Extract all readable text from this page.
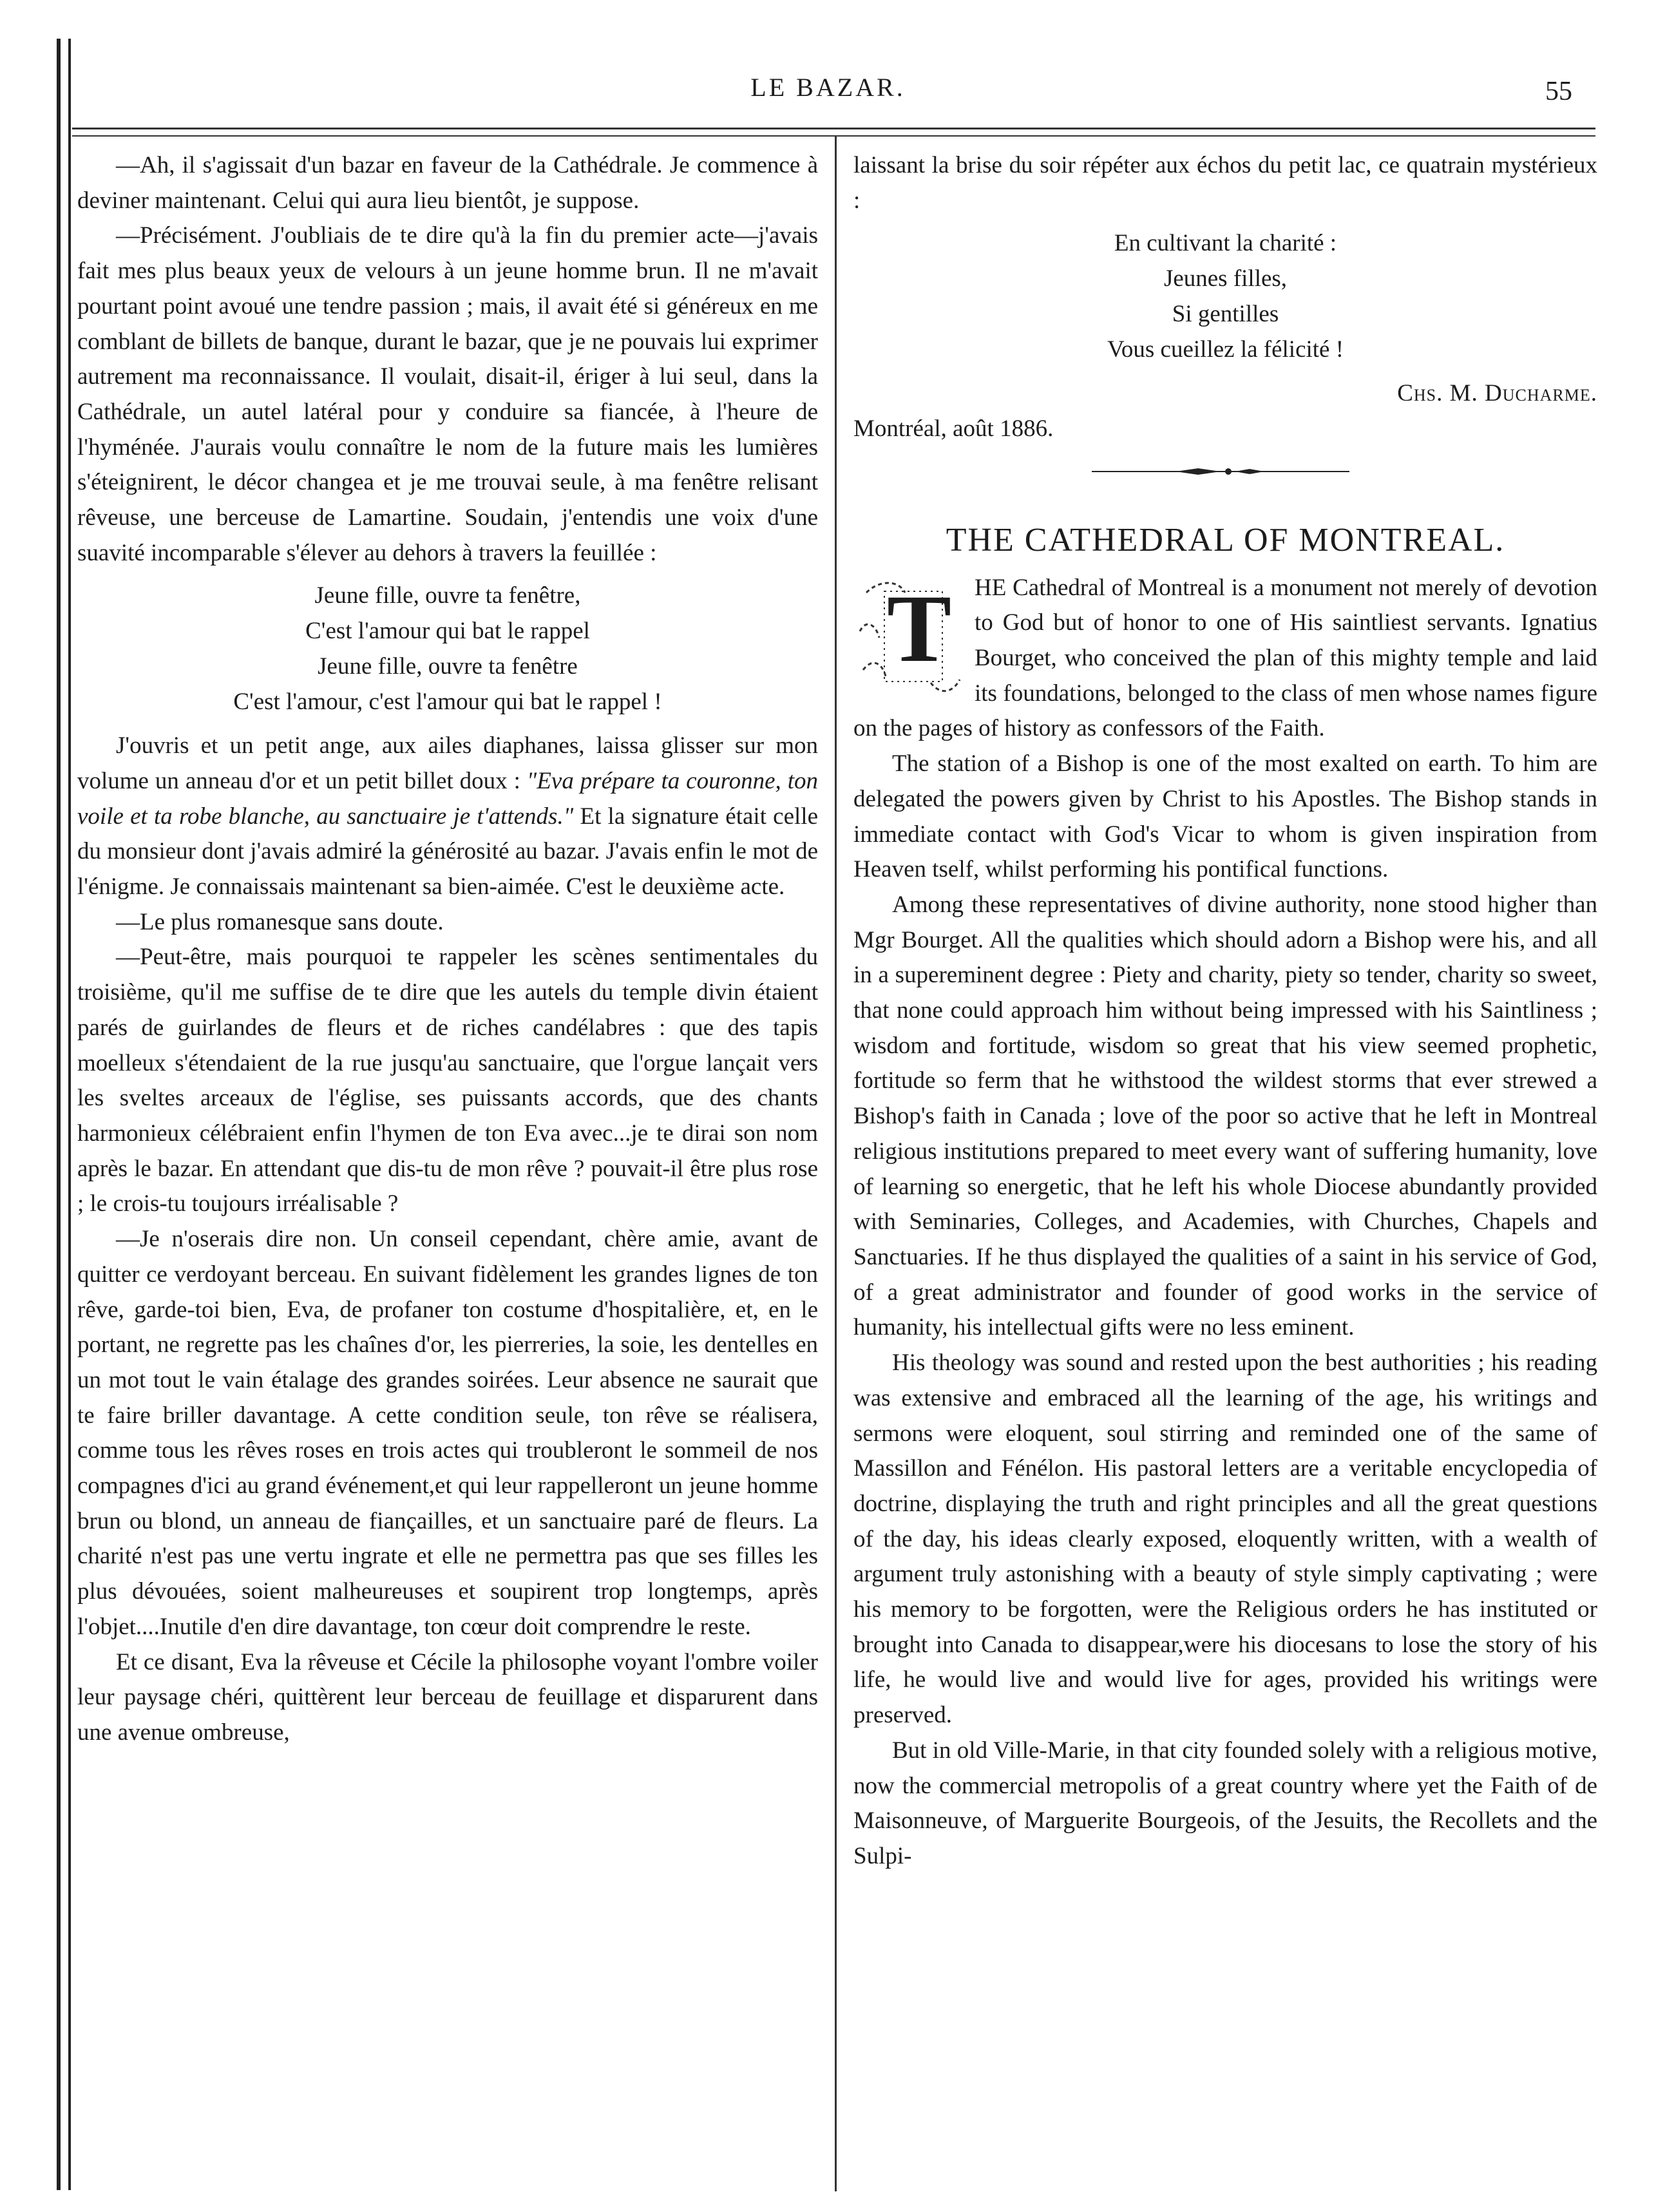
LE BAZAR.	55

—Ah, il s'agissait d'un bazar en faveur de la Cathédrale. Je commence à deviner maintenant. Celui qui aura lieu bientôt, je suppose.

—Précisément. J'oubliais de te dire qu'à la fin du premier acte—j'avais fait mes plus beaux yeux de velours à un jeune homme brun. Il ne m'avait pourtant point avoué une tendre passion ; mais, il avait été si généreux en me comblant de billets de banque, durant le bazar, que je ne pouvais lui exprimer autrement ma reconnaissance. Il voulait, disait-il, ériger à lui seul, dans la Cathédrale, un autel latéral pour y conduire sa fiancée, à l'heure de l'hyménée. J'aurais voulu connaître le nom de la future mais les lumières s'éteignirent, le décor changea et je me trouvai seule, à ma fenêtre relisant rêveuse, une berceuse de Lamartine. Soudain, j'entendis une voix d'une suavité incomparable s'élever au dehors à travers la feuillée :

Jeune fille, ouvre ta fenêtre,
C'est l'amour qui bat le rappel
Jeune fille, ouvre ta fenêtre
C'est l'amour, c'est l'amour qui bat le rappel !

J'ouvris et un petit ange, aux ailes diaphanes, laissa glisser sur mon volume un anneau d'or et un petit billet doux : "Eva prépare ta couronne, ton voile et ta robe blanche, au sanctuaire je t'attends." Et la signature était celle du monsieur dont j'avais admiré la générosité au bazar. J'avais enfin le mot de l'énigme. Je connaissais maintenant sa bien-aimée. C'est le deuxième acte.

—Le plus romanesque sans doute.

—Peut-être, mais pourquoi te rappeler les scènes sentimentales du troisième, qu'il me suffise de te dire que les autels du temple divin étaient parés de guirlandes de fleurs et de riches candélabres : que des tapis moelleux s'étendaient de la rue jusqu'au sanctuaire, que l'orgue lançait vers les sveltes arceaux de l'église, ses puissants accords, que des chants harmonieux célébraient enfin l'hymen de ton Eva avec...je te dirai son nom après le bazar. En attendant que dis-tu de mon rêve ? pouvait-il être plus rose ; le crois-tu toujours irréalisable ?

—Je n'oserais dire non. Un conseil cependant, chère amie, avant de quitter ce verdoyant berceau. En suivant fidèlement les grandes lignes de ton rêve, garde-toi bien, Eva, de profaner ton costume d'hospitalière, et, en le portant, ne regrette pas les chaînes d'or, les pierreries, la soie, les dentelles en un mot tout le vain étalage des grandes soirées. Leur absence ne saurait que te faire briller davantage. A cette condition seule, ton rêve se réalisera, comme tous les rêves roses en trois actes qui troubleront le sommeil de nos compagnes d'ici au grand événement,et qui leur rappelleront un jeune homme brun ou blond, un anneau de fiançailles, et un sanctuaire paré de fleurs. La charité n'est pas une vertu ingrate et elle ne permettra pas que ses filles les plus dévouées, soient malheureuses et soupirent trop longtemps, après l'objet....Inutile d'en dire davantage, ton cœur doit comprendre le reste.

Et ce disant, Eva la rêveuse et Cécile la philosophe voyant l'ombre voiler leur paysage chéri, quittèrent leur berceau de feuillage et disparurent dans une avenue ombreuse,

laissant la brise du soir répéter aux échos du petit lac, ce quatrain mystérieux :

En cultivant la charité :
Jeunes filles,
Si gentilles
Vous cueillez la félicité !
Chs. M. Ducharme.
Montréal, août 1886.
THE CATHEDRAL OF MONTREAL.
T HE Cathedral of Montreal is a monument not merely of devotion to God but of honor to one of His saintliest servants. Ignatius Bourget, who conceived the plan of this mighty temple and laid its foundations, belonged to the class of men whose names figure on the pages of history as confessors of the Faith.

The station of a Bishop is one of the most exalted on earth. To him are delegated the powers given by Christ to his Apostles. The Bishop stands in immediate contact with God's Vicar to whom is given inspiration from Heaven tself, whilst performing his pontifical functions.

Among these representatives of divine authority, none stood higher than Mgr Bourget. All the qualities which should adorn a Bishop were his, and all in a supereminent degree : Piety and charity, piety so tender, charity so sweet, that none could approach him without being impressed with his Saintliness ; wisdom and fortitude, wisdom so great that his view seemed prophetic, fortitude so ferm that he withstood the wildest storms that ever strewed a Bishop's faith in Canada ; love of the poor so active that he left in Montreal religious institutions prepared to meet every want of suffering humanity, love of learning so energetic, that he left his whole Diocese abundantly provided with Seminaries, Colleges, and Academies, with Churches, Chapels and Sanctuaries. If he thus displayed the qualities of a saint in his service of God, of a great administrator and founder of good works in the service of humanity, his intellectual gifts were no less eminent.

His theology was sound and rested upon the best authorities ; his reading was extensive and embraced all the learning of the age, his writings and sermons were eloquent, soul stirring and reminded one of the same of Massillon and Fénélon. His pastoral letters are a veritable encyclopedia of doctrine, displaying the truth and right principles and all the great questions of the day, his ideas clearly exposed, eloquently written, with a wealth of argument truly astonishing with a beauty of style simply captivating ; were his memory to be forgotten, were the Religious orders he has instituted or brought into Canada to disappear,were his diocesans to lose the story of his life, he would live and would live for ages, provided his writings were preserved.

But in old Ville-Marie, in that city founded solely with a religious motive, now the commercial metropolis of a great country where yet the Faith of de Maisonneuve, of Marguerite Bourgeois, of the Jesuits, the Recollets and the Sulpi-
